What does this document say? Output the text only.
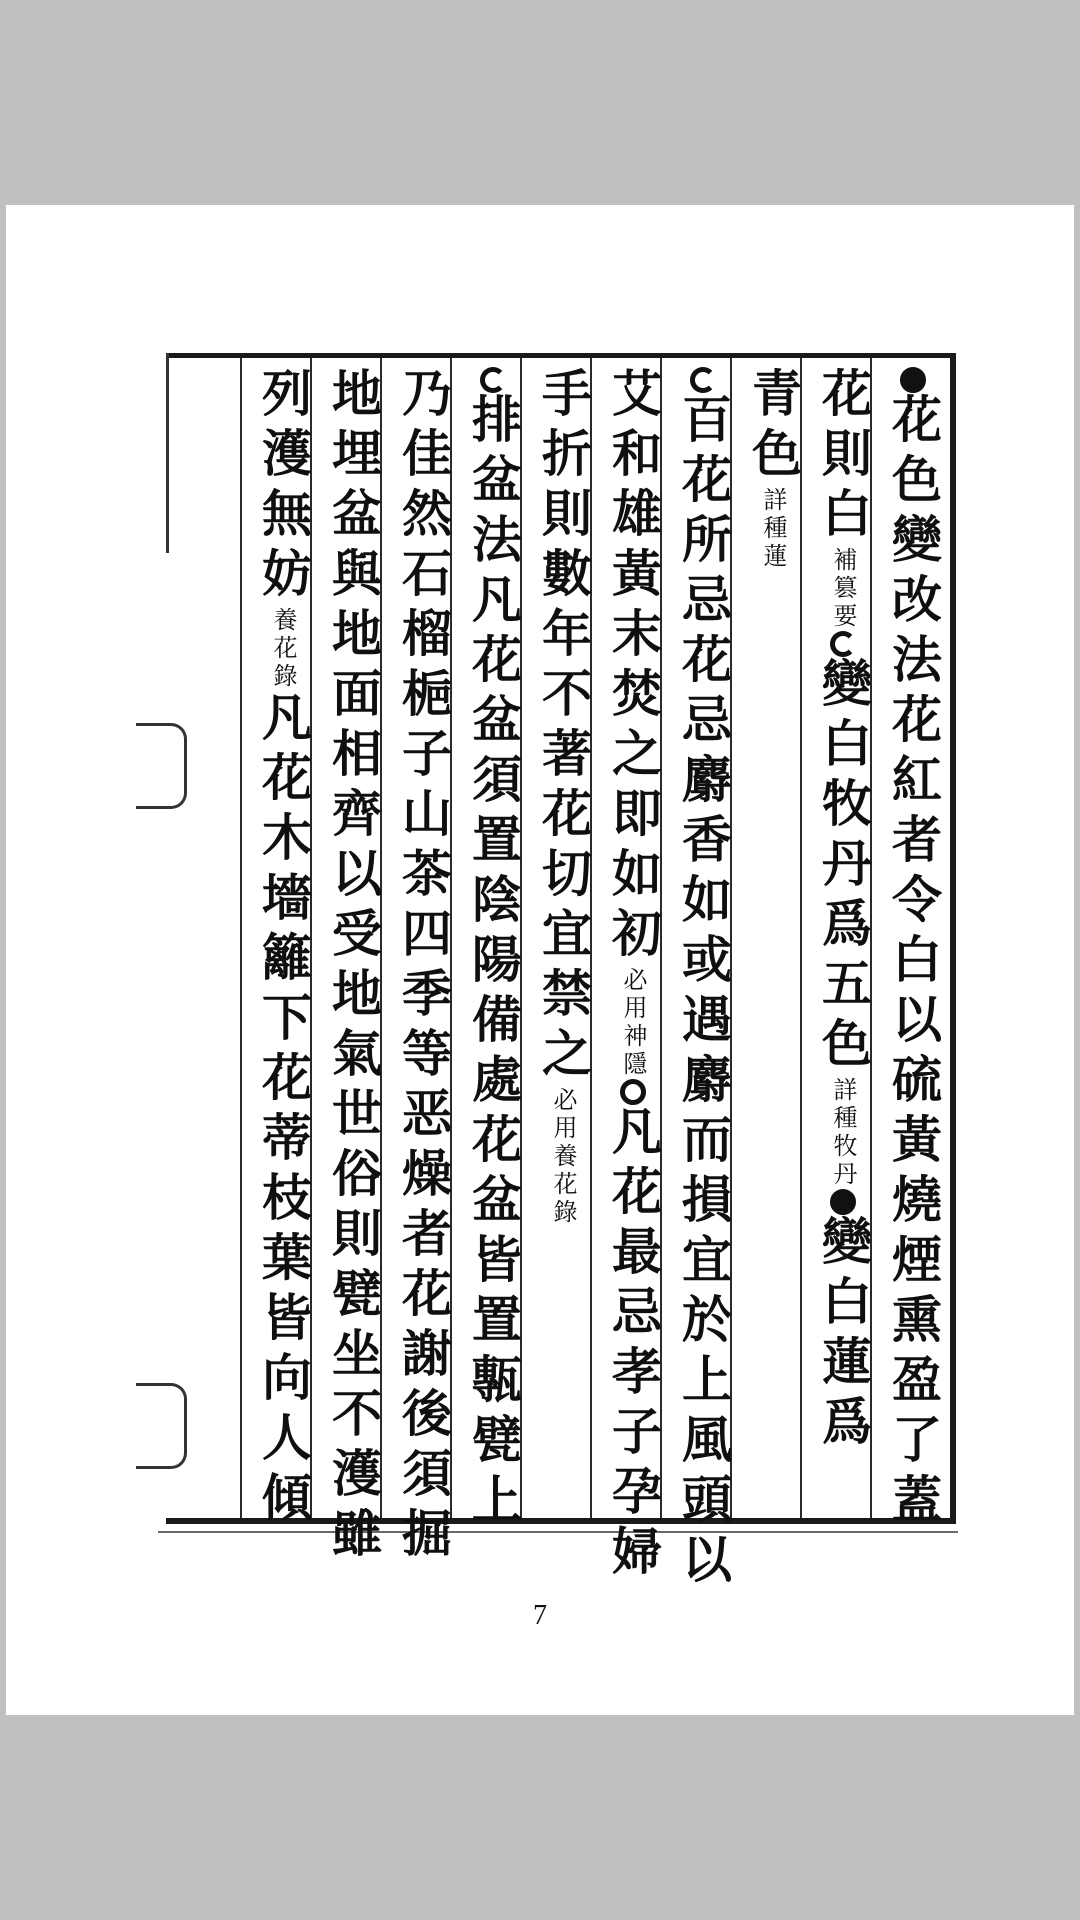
花色變改法花紅者令白以硫黃燒煙熏盈了蓋
花則白
補篡要
變白牧丹爲五色
詳種牧丹
變白蓮爲
青色
詳種蓮
百花所忌花忌麝香如或遇麝而損宜於上風頭以
艾和雄黃末焚之即如初
必用神隱
凡花最忌孝子孕婦
手折則數年不著花切宜禁之
必用養花錄
排盆法凡花盆須置陰陽備處花盆皆置甎甓上
乃佳然石榴梔子山茶四季等恶燥者花謝後須掘
地埋盆與地面相齊以受地氣世俗則甓坐不濩雖
列濩無妨
養花錄
凡花木墻籬下花蒂枝葉皆向人傾
7
